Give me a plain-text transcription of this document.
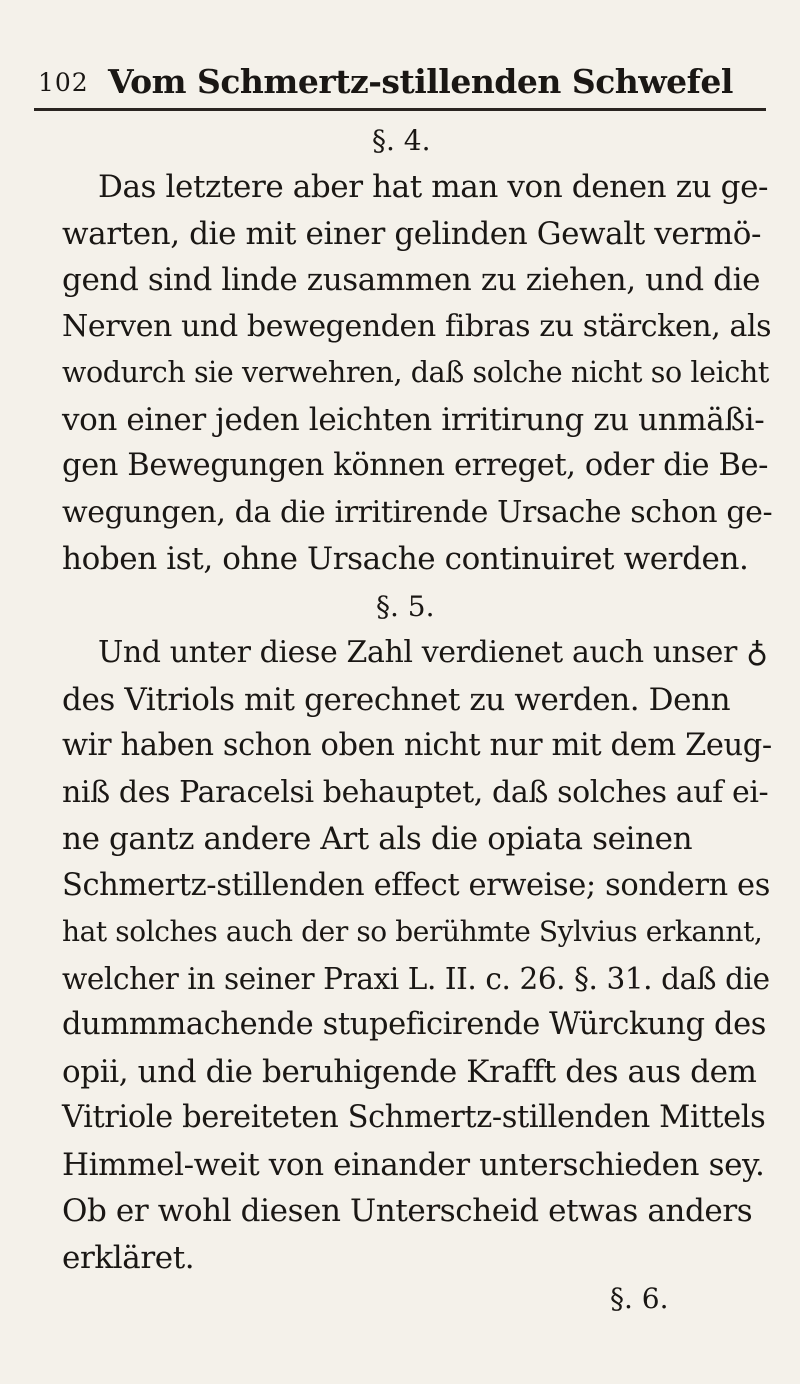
102 Vom Schmertz-stillenden Schwefel
§. 4.
Das letztere aber hat man von denen zu ge-
warten, die mit einer gelinden Gewalt vermö-
gend sind linde zusammen zu ziehen, und die
Nerven und bewegenden fibras zu stärcken, als
wodurch sie verwehren, daß solche nicht so leicht
von einer jeden leichten irritirung zu unmäßi-
gen Bewegungen können erreget, oder die Be-
wegungen, da die irritirende Ursache schon ge-
hoben ist, ohne Ursache continuiret werden.
§. 5.
Und unter diese Zahl verdienet auch unser ♁
des Vitriols mit gerechnet zu werden. Denn
wir haben schon oben nicht nur mit dem Zeug-
niß des Paracelsi behauptet, daß solches auf ei-
ne gantz andere Art als die opiata seinen
Schmertz-stillenden effect erweise; sondern es
hat solches auch der so berühmte Sylvius erkannt,
welcher in seiner Praxi L. II. c. 26. §. 31. daß die
dummmachende stupeficirende Würckung des
opii, und die beruhigende Krafft des aus dem
Vitriole bereiteten Schmertz-stillenden Mittels
Himmel-weit von einander unterschieden sey.
Ob er wohl diesen Unterscheid etwas anders
erkläret.
§. 6.
